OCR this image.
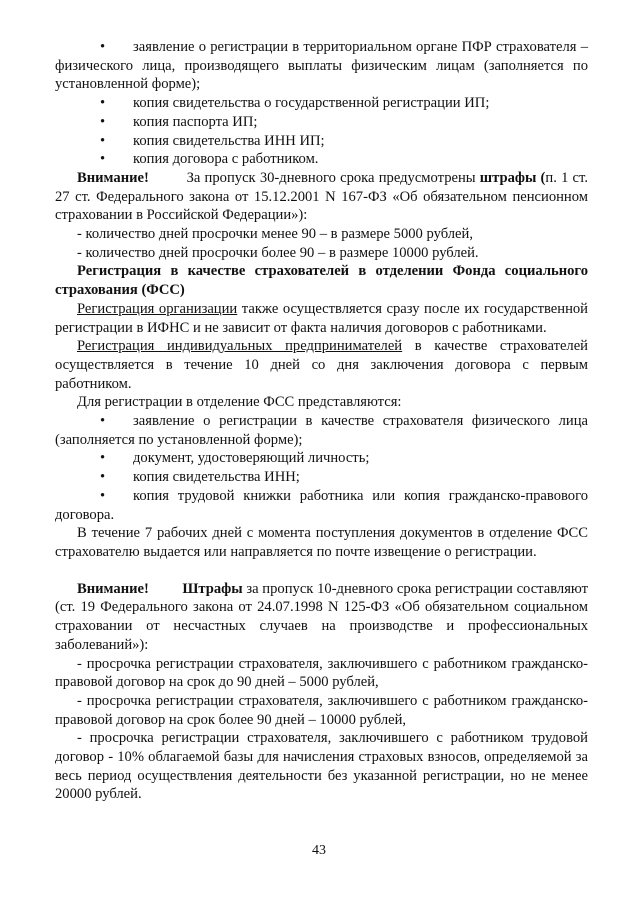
• заявление о регистрации в территориальном органе ПФР страхователя – физического лица, производящего выплаты физическим лицам (заполняется по установленной форме);

• копия свидетельства о государственной регистрации ИП;

• копия паспорта ИП;

• копия свидетельства ИНН ИП;

• копия договора с работником.

Внимание!	За пропуск 30-дневного срока предусмотрены штрафы (п. 1 ст. 27 ст. Федерального закона от 15.12.2001 N 167-ФЗ «Об обязательном пенсионном страховании в Российской Федерации»):

- количество дней просрочки менее 90 – в размере 5000 рублей,

- количество дней просрочки более 90 – в размере 10000 рублей.

Регистрация в качестве страхователей в отделении Фонда социального страхования (ФСС)

Регистрация организации также осуществляется сразу после их государственной регистрации в ИФНС и не зависит от факта наличия договоров с работниками.

Регистрация индивидуальных предпринимателей в качестве страхователей осуществляется в течение 10 дней со дня заключения договора с первым работником.

Для регистрации в отделение ФСС представляются:

• заявление о регистрации в качестве страхователя физического лица (заполняется по установленной форме);

• документ, удостоверяющий личность;

• копия свидетельства ИНН;

• копия трудовой книжки работника или копия гражданско-правового договора.

В течение 7 рабочих дней с момента поступления документов в отделение ФСС страхователю выдается или направляется по почте извещение о регистрации.

Внимание! Штрафы за пропуск 10-дневного срока регистрации составляют (ст. 19 Федерального закона от 24.07.1998 N 125-ФЗ «Об обязательном социальном страховании от несчастных случаев на производстве и профессиональных заболеваний»):

- просрочка регистрации страхователя, заключившего с работником гражданско-правовой договор на срок до 90 дней – 5000 рублей,

- просрочка регистрации страхователя, заключившего с работником гражданско-правовой договор на срок более 90 дней – 10000 рублей,

- просрочка регистрации страхователя, заключившего с работником трудовой договор - 10% облагаемой базы для начисления страховых взносов, определяемой за весь период осуществления деятельности без указанной регистрации, но не менее 20000 рублей.

43
